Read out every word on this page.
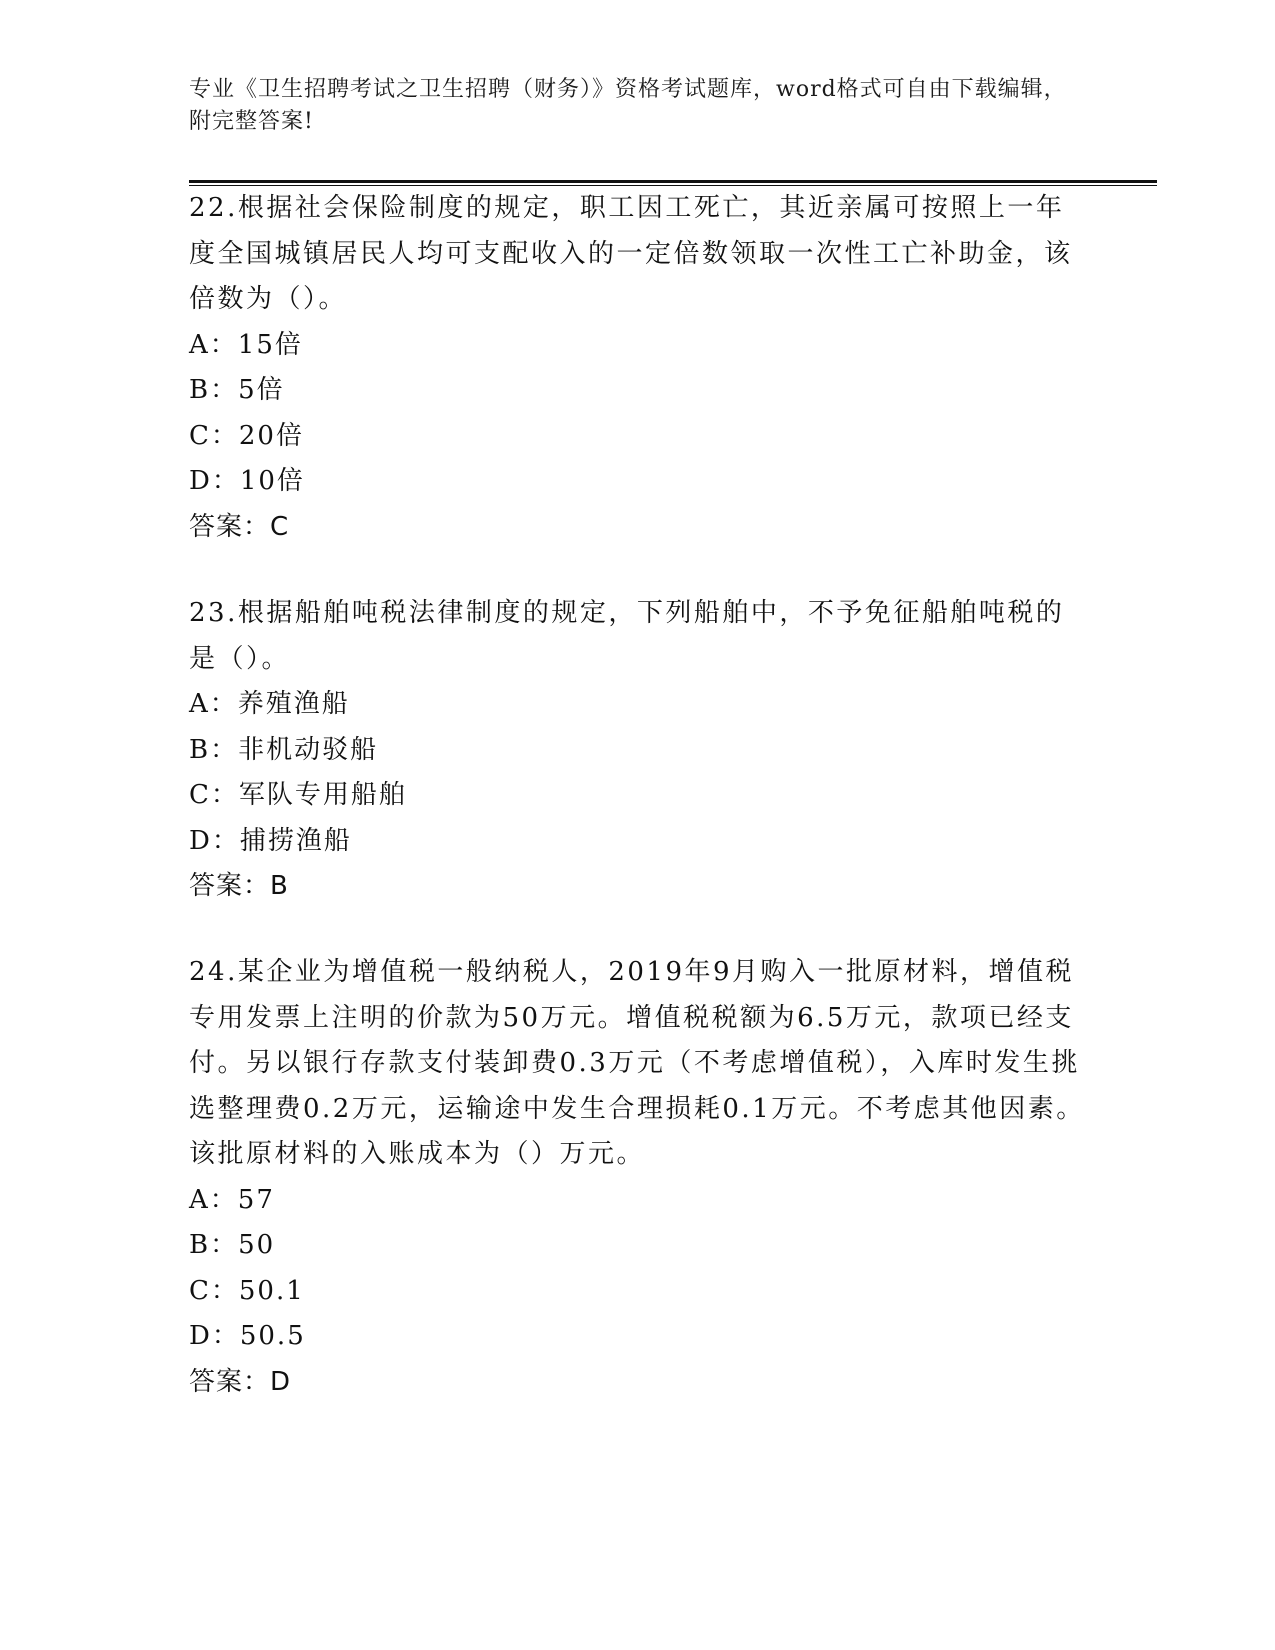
专业《卫生招聘考试之卫生招聘（财务）》资格考试题库，word格式可自由下载编辑，附完整答案!

22.根据社会保险制度的规定，职工因工死亡，其近亲属可按照上一年度全国城镇居民人均可支配收入的一定倍数领取一次性工亡补助金，该倍数为（）。

A：15倍

B：5倍

C：20倍

D：10倍

答案：C

23.根据船舶吨税法律制度的规定，下列船舶中，不予免征船舶吨税的是（）。

A：养殖渔船

B：非机动驳船

C：军队专用船舶

D：捕捞渔船

答案：B

24.某企业为增值税一般纳税人，2019年9月购入一批原材料，增值税专用发票上注明的价款为50万元。增值税税额为6.5万元，款项已经支付。另以银行存款支付装卸费0.3万元（不考虑增值税），入库时发生挑选整理费0.2万元，运输途中发生合理损耗0.1万元。不考虑其他因素。该批原材料的入账成本为（）万元。

A：57

B：50

C：50.1

D：50.5

答案：D
